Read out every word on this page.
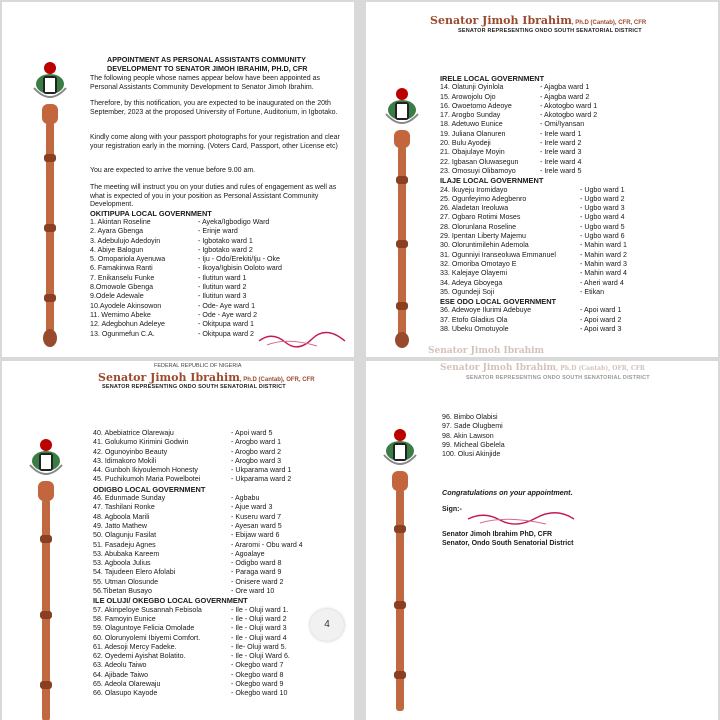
APPOINTMENT AS PERSONAL ASSISTANTS COMMUNITY
DEVELOPMENT TO SENATOR JIMOH IBRAHIM, PH.D, CFR
The following people whose names appear below have been appointed as Personal Assistants Community Development to Senator Jimoh Ibrahim.
Therefore, by this notification, you are expected to be inaugurated on the 20th September, 2023 at the proposed University of Fortune, Auditorium, in Igbotako.
Kindly come along with your passport photographs for your registration and clear your registration early in the morning. (Voters Card, Passport, other License etc)
You are expected to arrive the venue before 9.00 am.
The meeting will instruct you on your duties and rules of engagement as well as what is expected of you in your position as Personal Assistant Community Development.
OKITIPUPA LOCAL GOVERNMENT
1. Akintan Roseline	- Ayeka/Igbodigo Ward
2. Ayara Gbenga	- Erinje ward
3. Adebulujo Adedoyin	- Igbotako ward 1
4. Abiye Balogun	- Igbotako ward 2
5. Omopariola Ayenuwa	- Iju - Odo/Erekiti/Iju - Oke
6. Famakinwa Ranti	- Ikoya/Igbisin Ooloto ward
7. Enikanselu Funke	- Ilutitun ward 1
8.Omowole Gbenga	- Ilutitun ward 2
9.Odele Adewale	- Ilutitun ward 3
10.Ayodele Akinsowon	- Ode- Aye ward 1
11. Wemimo Abeke	- Ode - Aye ward 2
12. Adegbohun Adeleye	- Okitpupa ward 1
13. Ogunmefun C.A.	- Okitpupa ward 2
Senator Jimoh Ibrahim, Ph.D (Cantab), CFR, CFR
SENATOR REPRESENTING ONDO SOUTH SENATORIAL DISTRICT
IRELE LOCAL GOVERNMENT
14. Olatunji Oyinlola	- Ajagba ward 1
15. Arowojolu Ojo	- Ajagba ward 2
16. Owoetomo Adeoye	- Akotogbo ward 1
17. Arogbo Sunday	- Akotogbo ward 2
18. Adetuwo Eunice	- Omi/Iyansan
19. Juliana Olanuren	- Irele ward 1
20. Bulu Ayodeji	- Irele ward 2
21. Obajulaye Moyin	- Irele ward 3
22. Igbasan Oluwasegun	- Irele ward 4
23. Omosuyi Olibamoyo	- Irele ward 5
ILAJE LOCAL GOVERNMENT
24. Ikuyeju Iromidayo	- Ugbo ward 1
25. Ogunfeyimo Adegbenro	- Ugbo ward 2
26. Aladetan Ireoluwa	- Ugbo ward 3
27. Ogbaro Rotimi Moses	- Ugbo ward 4
28. Olorunlana Roseline	- Ugbo ward 5
29. Ipentan Liberty Majemu	- Ugbo ward 6
30. Oloruntimilehin Ademola	- Mahin ward 1
31. Ogunniyi Iranseoluwa Emmanuel	- Mahin ward 2
32. Omoriba Omotayo E	- Mahin ward 3
33. Kalejaye Olayemi	- Mahin ward 4
34. Adeya Gboyega	- Aheri ward 4
35. Ogundeji Soji	- Etikan
ESE ODO LOCAL GOVERNMENT
36. Adewoye Ilurimi Adebuye	- Apoi ward 1
37. Etofo Gladius Ola	- Apoi ward 2
38. Ubeku Omotuyole	- Apoi ward 3
Senator Jimoh Ibrahim
FEDERAL REPUBLIC OF NIGERIA
Senator Jimoh Ibrahim, Ph.D (Cantab), OFR, CFR
SENATOR REPRESENTING ONDO SOUTH SENATORIAL DISTRICT
40. Abebiatrice Olarewaju	- Apoi ward 5
41. Golukumo Kirimini Godwin	- Arogbo ward 1
42. Ogunoyinbo Beauty	- Arogbo ward 2
43. Idimakoro Mokili	- Arogbo ward 3
44. Gunboh Ikiyoulemoh Honesty	- Ukparama ward 1
45. Puchikumoh Maria Powelbotei	- Ukparama ward 2
ODIGBO LOCAL GOVERNMENT
46. Edunmade Sunday	- Agbabu
47. Tashilani Ronke	- Ajue ward 3
48. Agboola Marili	- Kuseru ward 7
49. Jatto Mathew	- Ayesan ward 5
50. Olagunju Fasilat	- Ebijaw ward 6
51. Fasadeju Agnes	- Araromi - Obu ward 4
53. Abubaka Kareem	- Agoalaye
53. Agboola Julius	- Odigbo ward 8
54. Tajudeen Elero Afolabi	- Paraga ward 9
55. Utman Olosunde	- Onisere ward 2
56.Tibetan Busayo	- Ore ward 10
ILE OLUJI/ OKEGBO LOCAL GOVERNMENT
57. Akinpeloye Susannah Febisola	- Ile - Oluji ward 1.
58. Famoyin Eunice	- Ile - Oluji ward 2
59. Olaguntoye Felicia Omolade	- Ile - Oluji ward 3
60. Olorunyolemi Ibiyemi Comfort.	- Ile - Oluji ward 4
61. Adesoji Mercy Fadeke.	- Ile- Oluji ward 5.
62. Oyedemi Ayishat Bolatito.	- Ile - Oluji Ward 6.
63. Adeolu Taiwo	- Okegbo ward 7
64. Ajibade Taiwo	- Okegbo ward 8
65. Adeola Olarewaju	- Okegbo ward 9
66. Olasupo Kayode	- Okegbo ward 10
4
Senator Jimoh Ibrahim, Ph.D (Cantab), OFR, CFR
SENATOR REPRESENTING ONDO SOUTH SENATORIAL DISTRICT
96. Bimbo Olabisi
97. Sade Olugbemi
98. Akin Lawson
99. Micheal Gbelela
100. Olusi Akinjide
Congratulations on your appointment.
Sign:-
Senator Jimoh Ibrahim PhD, CFR
Senator, Ondo South Senatorial District
